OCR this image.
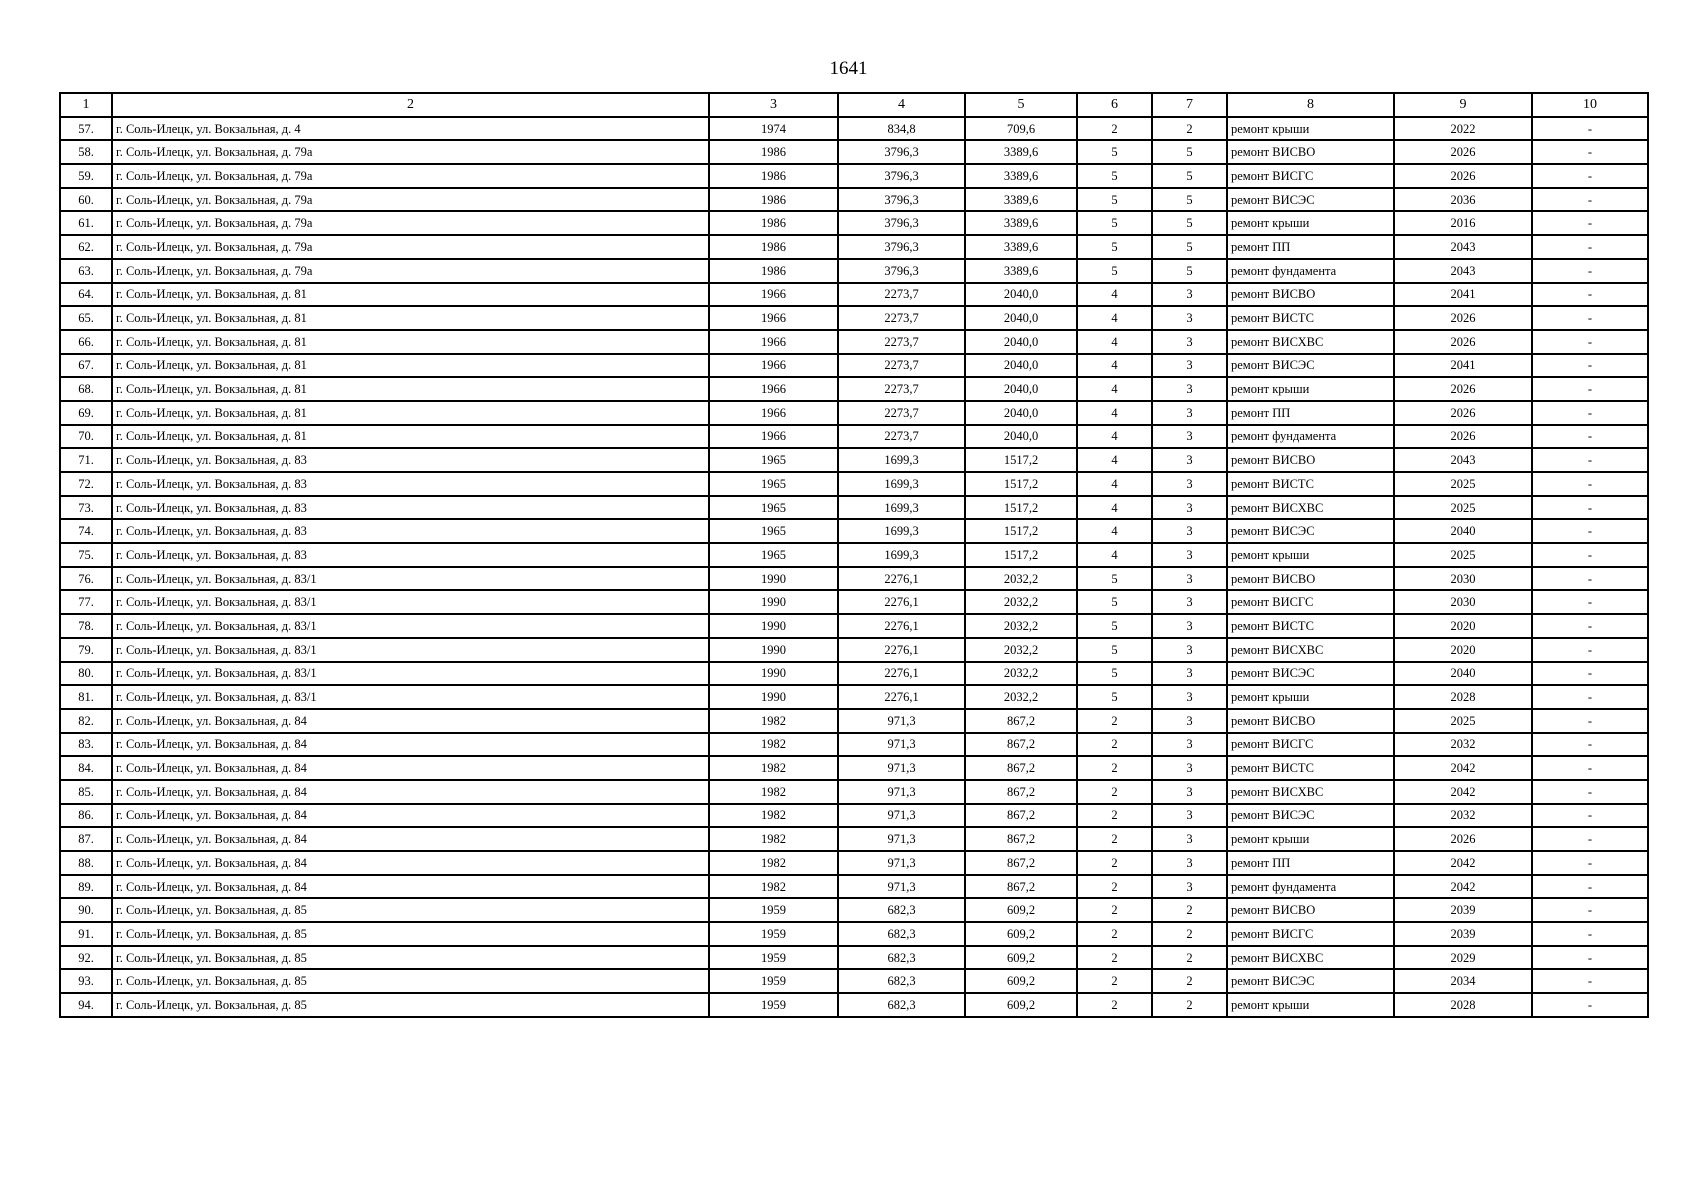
1641
1	2	3	4	5	6	7	8	9	10
57.	г. Соль-Илецк, ул. Вокзальная, д. 4	1974	834,8	709,6	2	2	ремонт крыши	2022	-
58.	г. Соль-Илецк, ул. Вокзальная, д. 79а	1986	3796,3	3389,6	5	5	ремонт ВИСВО	2026	-
59.	г. Соль-Илецк, ул. Вокзальная, д. 79а	1986	3796,3	3389,6	5	5	ремонт ВИСГС	2026	-
60.	г. Соль-Илецк, ул. Вокзальная, д. 79а	1986	3796,3	3389,6	5	5	ремонт ВИСЭС	2036	-
61.	г. Соль-Илецк, ул. Вокзальная, д. 79а	1986	3796,3	3389,6	5	5	ремонт крыши	2016	-
62.	г. Соль-Илецк, ул. Вокзальная, д. 79а	1986	3796,3	3389,6	5	5	ремонт ПП	2043	-
63.	г. Соль-Илецк, ул. Вокзальная, д. 79а	1986	3796,3	3389,6	5	5	ремонт фундамента	2043	-
64.	г. Соль-Илецк, ул. Вокзальная, д. 81	1966	2273,7	2040,0	4	3	ремонт ВИСВО	2041	-
65.	г. Соль-Илецк, ул. Вокзальная, д. 81	1966	2273,7	2040,0	4	3	ремонт ВИСТС	2026	-
66.	г. Соль-Илецк, ул. Вокзальная, д. 81	1966	2273,7	2040,0	4	3	ремонт ВИСХВС	2026	-
67.	г. Соль-Илецк, ул. Вокзальная, д. 81	1966	2273,7	2040,0	4	3	ремонт ВИСЭС	2041	-
68.	г. Соль-Илецк, ул. Вокзальная, д. 81	1966	2273,7	2040,0	4	3	ремонт крыши	2026	-
69.	г. Соль-Илецк, ул. Вокзальная, д. 81	1966	2273,7	2040,0	4	3	ремонт ПП	2026	-
70.	г. Соль-Илецк, ул. Вокзальная, д. 81	1966	2273,7	2040,0	4	3	ремонт фундамента	2026	-
71.	г. Соль-Илецк, ул. Вокзальная, д. 83	1965	1699,3	1517,2	4	3	ремонт ВИСВО	2043	-
72.	г. Соль-Илецк, ул. Вокзальная, д. 83	1965	1699,3	1517,2	4	3	ремонт ВИСТС	2025	-
73.	г. Соль-Илецк, ул. Вокзальная, д. 83	1965	1699,3	1517,2	4	3	ремонт ВИСХВС	2025	-
74.	г. Соль-Илецк, ул. Вокзальная, д. 83	1965	1699,3	1517,2	4	3	ремонт ВИСЭС	2040	-
75.	г. Соль-Илецк, ул. Вокзальная, д. 83	1965	1699,3	1517,2	4	3	ремонт крыши	2025	-
76.	г. Соль-Илецк, ул. Вокзальная, д. 83/1	1990	2276,1	2032,2	5	3	ремонт ВИСВО	2030	-
77.	г. Соль-Илецк, ул. Вокзальная, д. 83/1	1990	2276,1	2032,2	5	3	ремонт ВИСГС	2030	-
78.	г. Соль-Илецк, ул. Вокзальная, д. 83/1	1990	2276,1	2032,2	5	3	ремонт ВИСТС	2020	-
79.	г. Соль-Илецк, ул. Вокзальная, д. 83/1	1990	2276,1	2032,2	5	3	ремонт ВИСХВС	2020	-
80.	г. Соль-Илецк, ул. Вокзальная, д. 83/1	1990	2276,1	2032,2	5	3	ремонт ВИСЭС	2040	-
81.	г. Соль-Илецк, ул. Вокзальная, д. 83/1	1990	2276,1	2032,2	5	3	ремонт крыши	2028	-
82.	г. Соль-Илецк, ул. Вокзальная, д. 84	1982	971,3	867,2	2	3	ремонт ВИСВО	2025	-
83.	г. Соль-Илецк, ул. Вокзальная, д. 84	1982	971,3	867,2	2	3	ремонт ВИСГС	2032	-
84.	г. Соль-Илецк, ул. Вокзальная, д. 84	1982	971,3	867,2	2	3	ремонт ВИСТС	2042	-
85.	г. Соль-Илецк, ул. Вокзальная, д. 84	1982	971,3	867,2	2	3	ремонт ВИСХВС	2042	-
86.	г. Соль-Илецк, ул. Вокзальная, д. 84	1982	971,3	867,2	2	3	ремонт ВИСЭС	2032	-
87.	г. Соль-Илецк, ул. Вокзальная, д. 84	1982	971,3	867,2	2	3	ремонт крыши	2026	-
88.	г. Соль-Илецк, ул. Вокзальная, д. 84	1982	971,3	867,2	2	3	ремонт ПП	2042	-
89.	г. Соль-Илецк, ул. Вокзальная, д. 84	1982	971,3	867,2	2	3	ремонт фундамента	2042	-
90.	г. Соль-Илецк, ул. Вокзальная, д. 85	1959	682,3	609,2	2	2	ремонт ВИСВО	2039	-
91.	г. Соль-Илецк, ул. Вокзальная, д. 85	1959	682,3	609,2	2	2	ремонт ВИСГС	2039	-
92.	г. Соль-Илецк, ул. Вокзальная, д. 85	1959	682,3	609,2	2	2	ремонт ВИСХВС	2029	-
93.	г. Соль-Илецк, ул. Вокзальная, д. 85	1959	682,3	609,2	2	2	ремонт ВИСЭС	2034	-
94.	г. Соль-Илецк, ул. Вокзальная, д. 85	1959	682,3	609,2	2	2	ремонт крыши	2028	-
